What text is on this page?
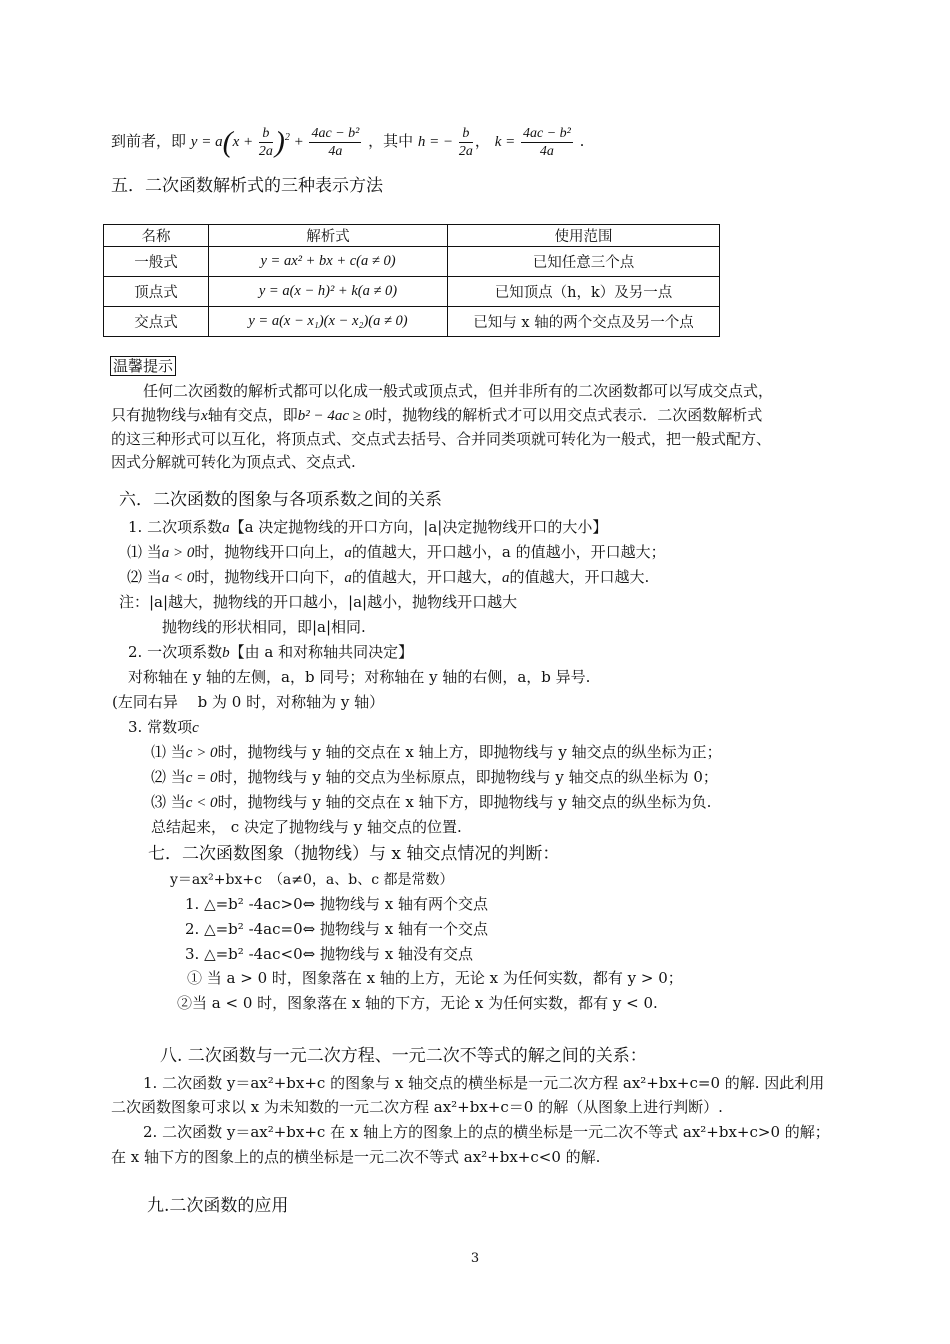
到前者，即 $y = a(x + \frac{b}{2a} )^2 + \frac{\text{4ac − b²}}{4a}$ ，其中 h = − $\frac{b}{2a}$ ， $k = \frac{\text{4ac − b²}}{4a}$ .
五．二次函数解析式的三种表示方法
名称	解析式	使用范围
一般式	y = ax² + bx + c(a ≠ 0)	已知任意三个点
顶点式	y = a(x − h)² + k(a ≠ 0)	已知顶点（h，k）及另一点
交点式	y = a(x − x₁)(x − x₂)(a ≠ 0)	已知与 x 轴的两个交点及另一个点
温馨提示
任何二次函数的解析式都可以化成一般式或顶点式，但并非所有的二次函数都可以写成交点式，
只有抛物线与x轴有交点，即b² − 4ac ≥ 0时，抛物线的解析式才可以用交点式表示．二次函数解析式
的这三种形式可以互化，将顶点式、交点式去括号、合并同类项就可转化为一般式，把一般式配方、
因式分解就可转化为顶点式、交点式.
六．二次函数的图象与各项系数之间的关系
1. 二次项系数a【a 决定抛物线的开口方向，|a|决定抛物线开口的大小】
⑴ 当a > 0时，抛物线开口向上，a的值越大，开口越小，a 的值越小，开口越大；
⑵ 当a < 0时，抛物线开口向下，a的值越大，开口越大，a的值越大，开口越大.
注：|a|越大，抛物线的开口越小，|a|越小，抛物线开口越大
抛物线的形状相同，即|a|相同.
2. 一次项系数b【由 a 和对称轴共同决定】
对称轴在 y 轴的左侧，a，b 同号；对称轴在 y 轴的右侧，a，b 异号.
(左同右异　 b 为 0 时，对称轴为 y 轴）
3. 常数项c
⑴ 当c > 0时，抛物线与 y 轴的交点在 x 轴上方，即抛物线与 y 轴交点的纵坐标为正；
⑵ 当c = 0时，抛物线与 y 轴的交点为坐标原点，即抛物线与 y 轴交点的纵坐标为 0；
⑶ 当c < 0时，抛物线与 y 轴的交点在 x 轴下方，即抛物线与 y 轴交点的纵坐标为负.
总结起来， c 决定了抛物线与 y 轴交点的位置.
七．二次函数图象（抛物线）与 x 轴交点情况的判断：
y＝ax²+bx+c　（a≠0，a、b、c 都是常数）
1. △=b² -4ac>0⇔ 抛物线与 x 轴有两个交点
2. △=b² -4ac=0⇔ 抛物线与 x 轴有一个交点
3. △=b² -4ac<0⇔ 抛物线与 x 轴没有交点
① 当 a > 0 时，图象落在 x 轴的上方，无论 x 为任何实数，都有 y > 0；
②当 a < 0 时，图象落在 x 轴的下方，无论 x 为任何实数，都有 y < 0.
八. 二次函数与一元二次方程、一元二次不等式的解之间的关系：
1. 二次函数 y＝ax²+bx+c 的图象与 x 轴交点的横坐标是一元二次方程 ax²+bx+c=0 的解. 因此利用
二次函数图象可求以 x 为未知数的一元二次方程 ax²+bx+c＝0 的解（从图象上进行判断）.
2. 二次函数 y＝ax²+bx+c 在 x 轴上方的图象上的点的横坐标是一元二次不等式 ax²+bx+c>0 的解；
在 x 轴下方的图象上的点的横坐标是一元二次不等式 ax²+bx+c<0 的解.
九.二次函数的应用
3
